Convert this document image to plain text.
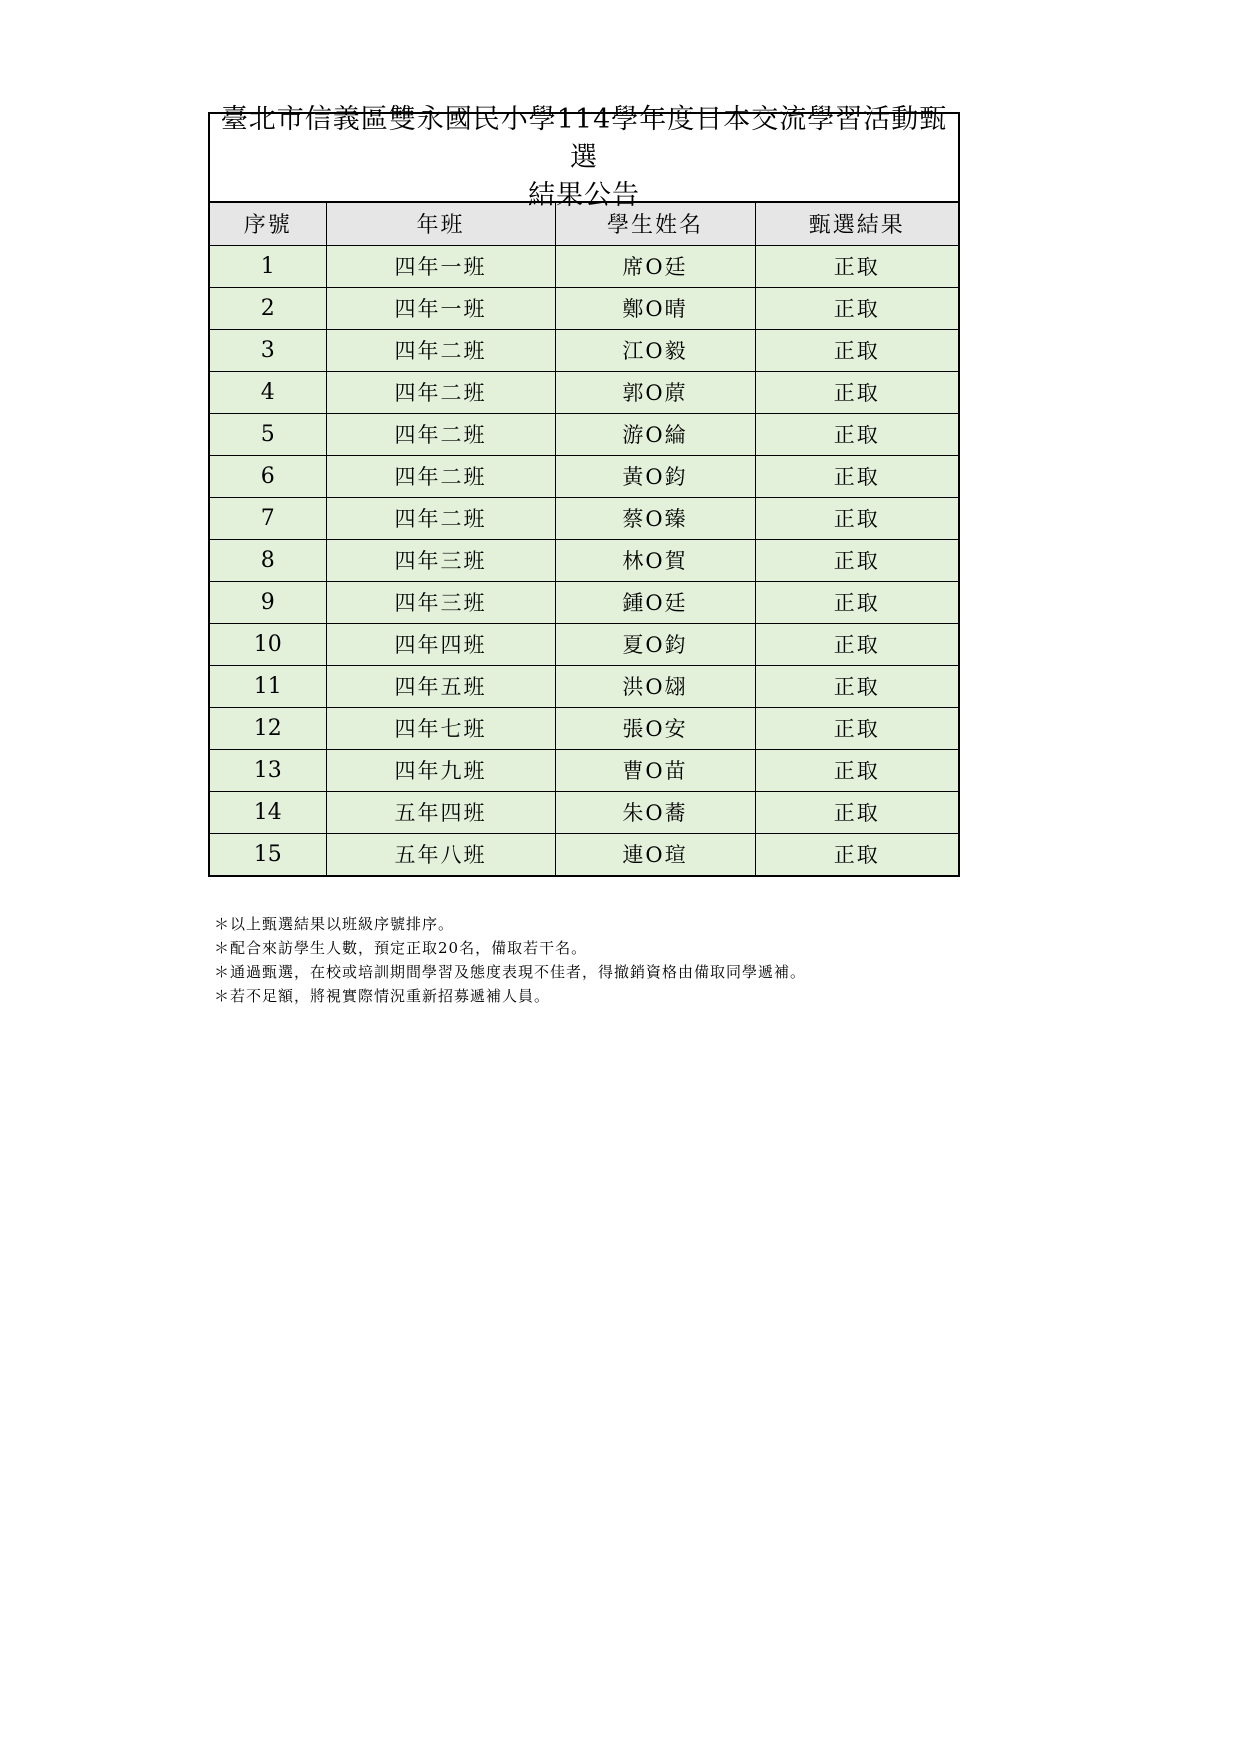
臺北市信義區雙永國民小學114學年度日本交流學習活動甄選
結果公告
序號	年班	學生姓名	甄選結果
1	四年一班	席O廷	正取
2	四年一班	鄭O晴	正取
3	四年二班	江O毅	正取
4	四年二班	郭O蒝	正取
5	四年二班	游O綸	正取
6	四年二班	黃O鈞	正取
7	四年二班	蔡O臻	正取
8	四年三班	林O賀	正取
9	四年三班	鍾O廷	正取
10	四年四班	夏O鈞	正取
11	四年五班	洪O翃	正取
12	四年七班	張O安	正取
13	四年九班	曹O苗	正取
14	五年四班	朱O蕎	正取
15	五年八班	連O瑄	正取
＊以上甄選結果以班級序號排序。
＊配合來訪學生人數，預定正取20名，備取若干名。
＊通過甄選，在校或培訓期間學習及態度表現不佳者，得撤銷資格由備取同學遞補。
＊若不足額，將視實際情況重新招募遞補人員。
